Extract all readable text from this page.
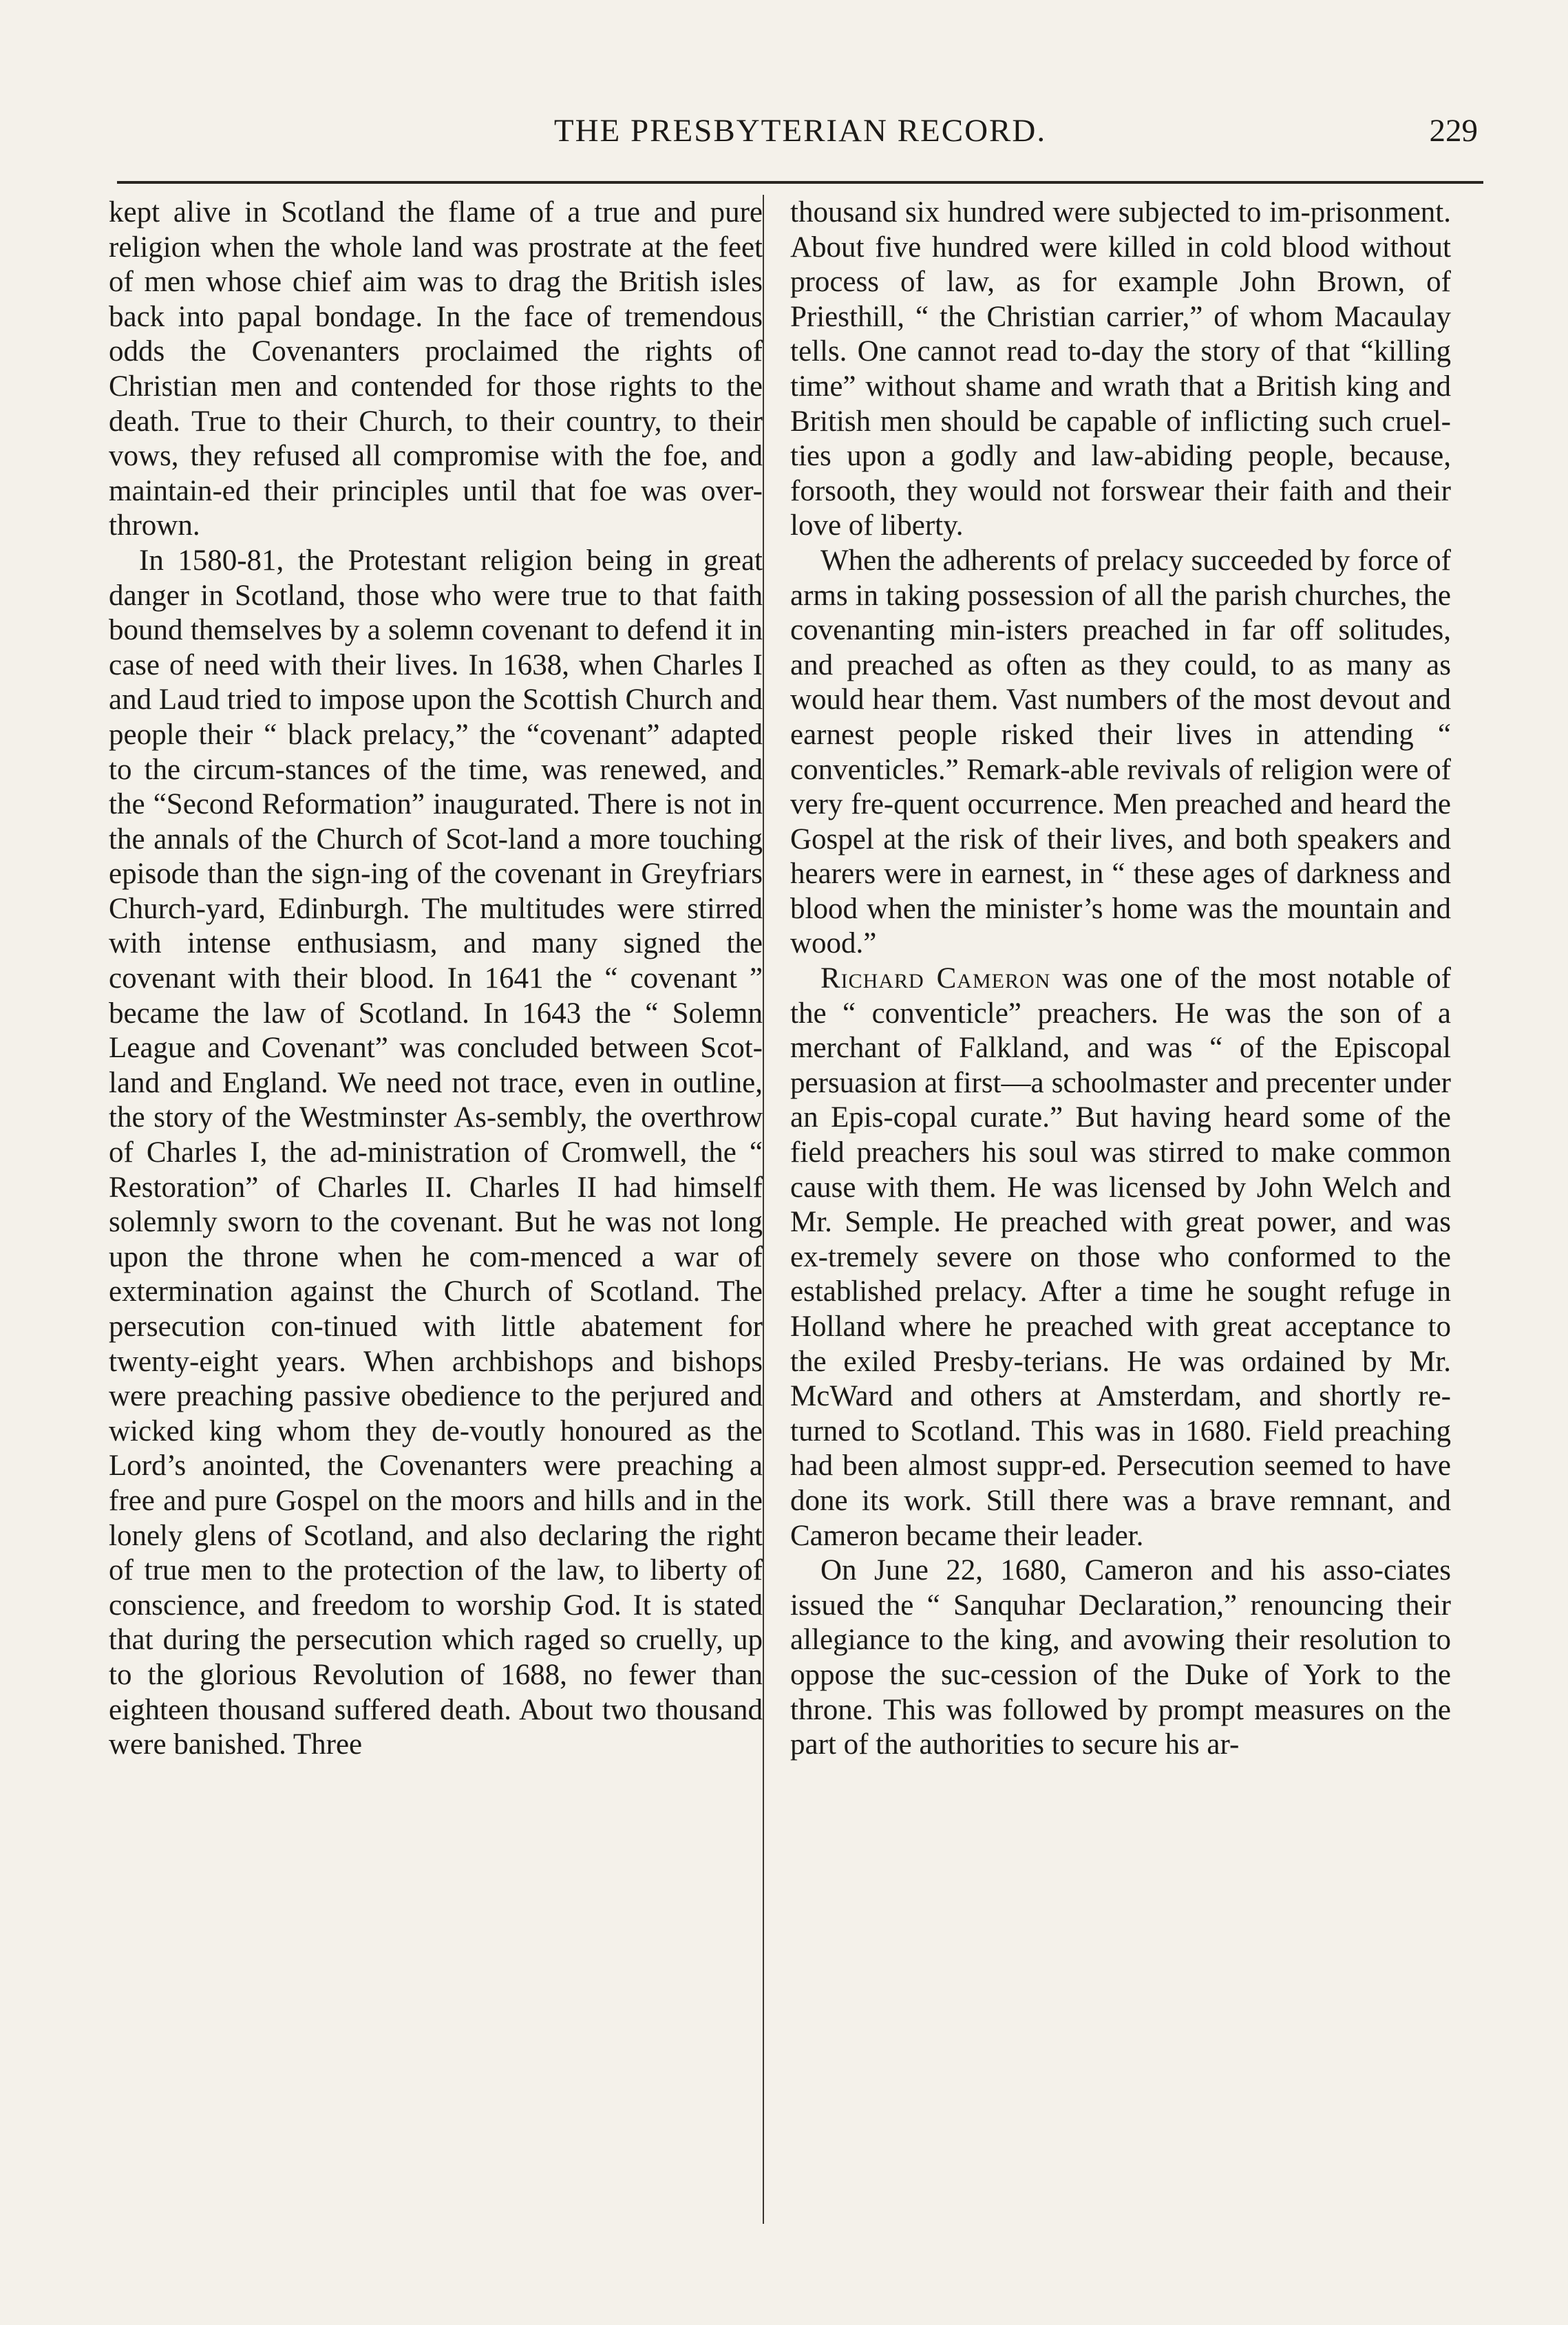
THE PRESBYTERIAN RECORD.	229

kept alive in Scotland the flame of a true and pure religion when the whole land was prostrate at the feet of men whose chief aim was to drag the British isles back into papal bondage. In the face of tremendous odds the Covenanters proclaimed the rights of Christian men and contended for those rights to the death. True to their Church, to their country, to their vows, they refused all compromise with the foe, and maintain-ed their principles until that foe was over-thrown.

In 1580-81, the Protestant religion being in great danger in Scotland, those who were true to that faith bound themselves by a solemn covenant to defend it in case of need with their lives. In 1638, when Charles I and Laud tried to impose upon the Scottish Church and people their “ black prelacy,” the “covenant” adapted to the circum-stances of the time, was renewed, and the “Second Reformation” inaugurated. There is not in the annals of the Church of Scot-land a more touching episode than the sign-ing of the covenant in Greyfriars Church-yard, Edinburgh. The multitudes were stirred with intense enthusiasm, and many signed the covenant with their blood. In 1641 the “ covenant ” became the law of Scotland. In 1643 the “ Solemn League and Covenant” was concluded between Scot-land and England. We need not trace, even in outline, the story of the Westminster As-sembly, the overthrow of Charles I, the ad-ministration of Cromwell, the “ Restoration” of Charles II. Charles II had himself solemnly sworn to the covenant. But he was not long upon the throne when he com-menced a war of extermination against the Church of Scotland. The persecution con-tinued with little abatement for twenty-eight years. When archbishops and bishops were preaching passive obedience to the perjured and wicked king whom they de-voutly honoured as the Lord’s anointed, the Covenanters were preaching a free and pure Gospel on the moors and hills and in the lonely glens of Scotland, and also declaring the right of true men to the protection of the law, to liberty of conscience, and freedom to worship God. It is stated that during the persecution which raged so cruelly, up to the glorious Revolution of 1688, no fewer than eighteen thousand suffered death. About two thousand were banished. Three

thousand six hundred were subjected to im-prisonment. About five hundred were killed in cold blood without process of law, as for example John Brown, of Priesthill, “ the Christian carrier,” of whom Macaulay tells. One cannot read to-day the story of that “killing time” without shame and wrath that a British king and British men should be capable of inflicting such cruel-ties upon a godly and law-abiding people, because, forsooth, they would not forswear their faith and their love of liberty.

When the adherents of prelacy succeeded by force of arms in taking possession of all the parish churches, the covenanting min-isters preached in far off solitudes, and preached as often as they could, to as many as would hear them. Vast numbers of the most devout and earnest people risked their lives in attending “ conventicles.” Remark-able revivals of religion were of very fre-quent occurrence. Men preached and heard the Gospel at the risk of their lives, and both speakers and hearers were in earnest, in “ these ages of darkness and blood when the minister’s home was the mountain and wood.”

Richard Cameron was one of the most notable of the “ conventicle” preachers. He was the son of a merchant of Falkland, and was “ of the Episcopal persuasion at first—a schoolmaster and precenter under an Epis-copal curate.” But having heard some of the field preachers his soul was stirred to make common cause with them. He was licensed by John Welch and Mr. Semple. He preached with great power, and was ex-tremely severe on those who conformed to the established prelacy. After a time he sought refuge in Holland where he preached with great acceptance to the exiled Presby-terians. He was ordained by Mr. McWard and others at Amsterdam, and shortly re-turned to Scotland. This was in 1680. Field preaching had been almost suppr-ed. Persecution seemed to have done its work. Still there was a brave remnant, and Cameron became their leader.

On June 22, 1680, Cameron and his asso-ciates issued the “ Sanquhar Declaration,” renouncing their allegiance to the king, and avowing their resolution to oppose the suc-cession of the Duke of York to the throne. This was followed by prompt measures on the part of the authorities to secure his ar-
